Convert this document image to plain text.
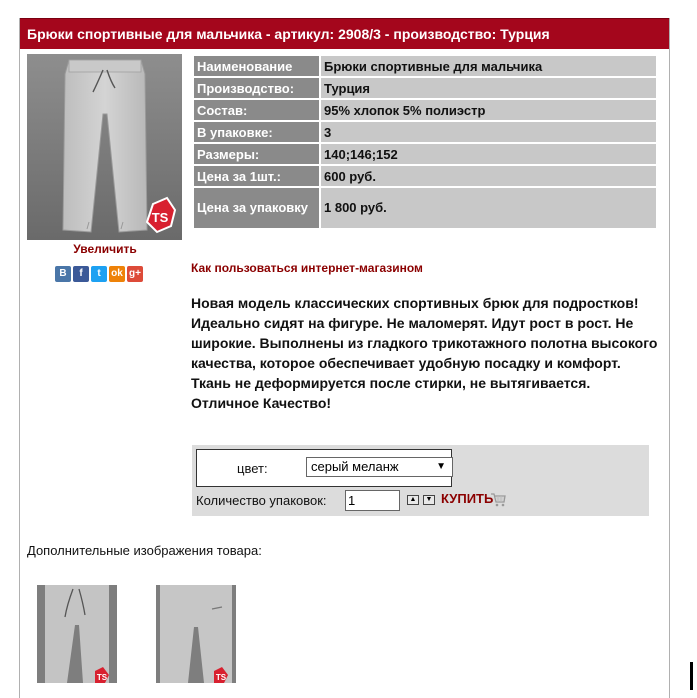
Брюки спортивные для мальчика - артикул: 2908/3 - производство: Турция
TS
Увеличить
B	f	t	ok g+
Наименование	Брюки спортивные для мальчика
Производство:	Турция
Состав:	95% хлопок 5% полиэстр
В упаковке:	3
Размеры:	140;146;152
Цена за 1шт.:	600 руб.
Цена за упаковку	1 800 руб.
Как пользоваться интернет-магазином

Новая модель классических спортивных брюк для подростков! Идеально сидят на фигуре. Не маломерят. Идут рост в рост. Не широкие. Выполнены из гладкого трикотажного полотна высокого качества, которое обеспечивает удобную посадку и комфорт. Ткань не деформируется после стирки, не вытягивается. Отличное Качество!

цвет:	серый меланж	▼
Количество упаковок: 1	▲	▼ КУПИТЬ
Дополнительные изображения товара:
TS	TS
